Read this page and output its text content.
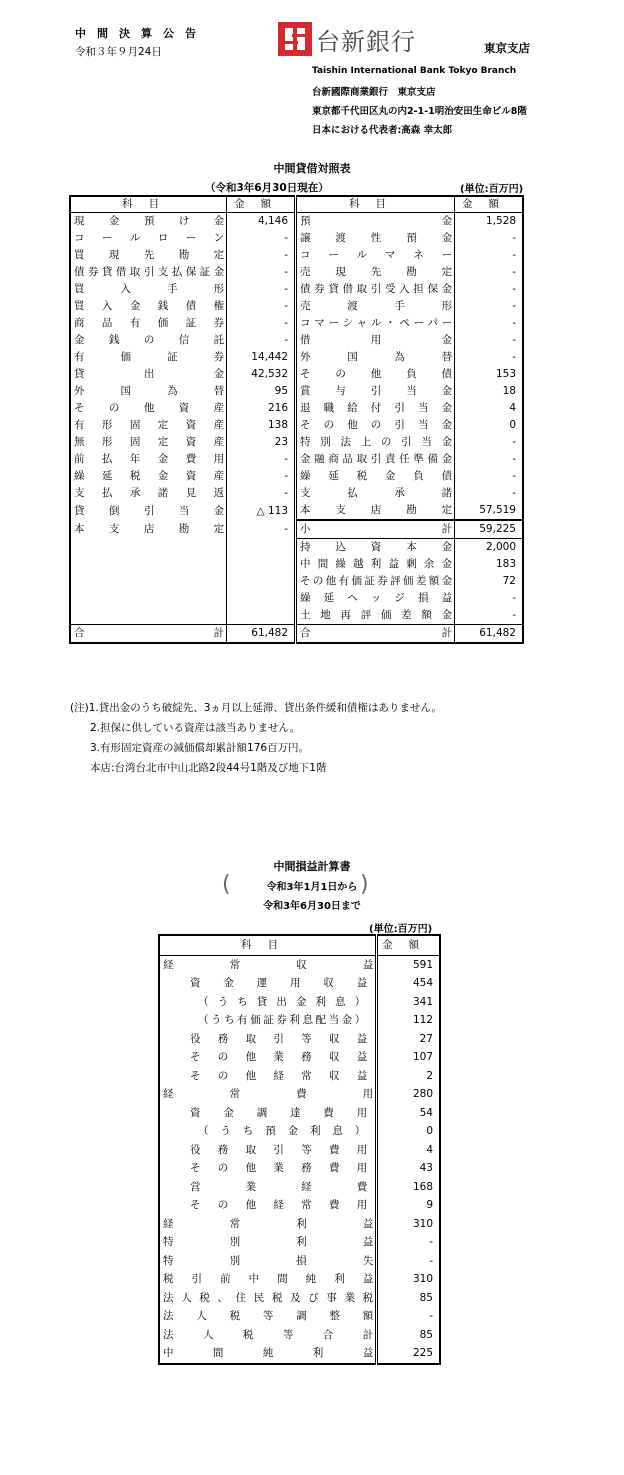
中間決算公告
令和３年９月24日	台新銀行	東京支店
Taishin International Bank Tokyo Branch
台新國際商業銀行　東京支店
東京都千代田区丸の内2-1-1明治安田生命ビル8階
日本における代表者:高森 幸太郎
中間貸借対照表
（令和3年6月30日現在）	(単位:百万円)
科目	金額	科目	金額
現金預け金	4,146	預金	1,528
コールローン	-	譲渡性預金	-
買現先勘定	-	コールマネー	-
債券貸借取引支払保証金	-	売現先勘定	-
買入手形	-	債券貸借取引受入担保金	-
買入金銭債権	-	売渡手形	-
商品有価証券	-	コマーシャル・ペーパー	-
金銭の信託	-	借用金	-
有価証券	14,442	外国為替	-
貸出金	42,532	その他負債	153
外国為替	95	賞与引当金	18
その他資産	216	退職給付引当金	4
有形固定資産	138	その他の引当金	0
無形固定資産	23	特別法上の引当金	-
前払年金費用	-	金融商品取引責任準備金	-
繰延税金資産	-	繰延税金負債	-
支払承諾見返	-	支払承諾	-
貸倒引当金	△ 113	本支店勘定	57,519
本支店勘定	-	小計	59,225
		持込資本金	2,000
		中間繰越利益剰余金	183
		その他有価証券評価差額金	72
		繰延ヘッジ損益	-
		土地再評価差額金	-
合計	61,482	合計	61,482
(注)1.貸出金のうち破綻先、3ヵ月以上延滞、貸出条件緩和債権はありません。
2.担保に供している資産は該当ありません。
3.有形固定資産の減価償却累計額176百万円。
本店:台湾台北市中山北路2段44号1階及び地下1階
中間損益計算書
(	令和3年1月1日から
令和3年6月30日まで
)
(単位:百万円)
科目	金額
経常収益	591
資金運用収益	454
（うち貸出金利息）	341
（うち有価証券利息配当金）	112
役務取引等収益	27
その他業務収益	107
その他経常収益	2
経常費用	280
資金調達費用	54
（うち預金利息）	0
役務取引等費用	4
その他業務費用	43
営業経費	168
その他経常費用	9
経常利益	310
特別利益	-
特別損失	-
税引前中間純利益	310
法人税、住民税及び事業税	85
法人税等調整額	-
法人税等合計	85
中間純利益	225
